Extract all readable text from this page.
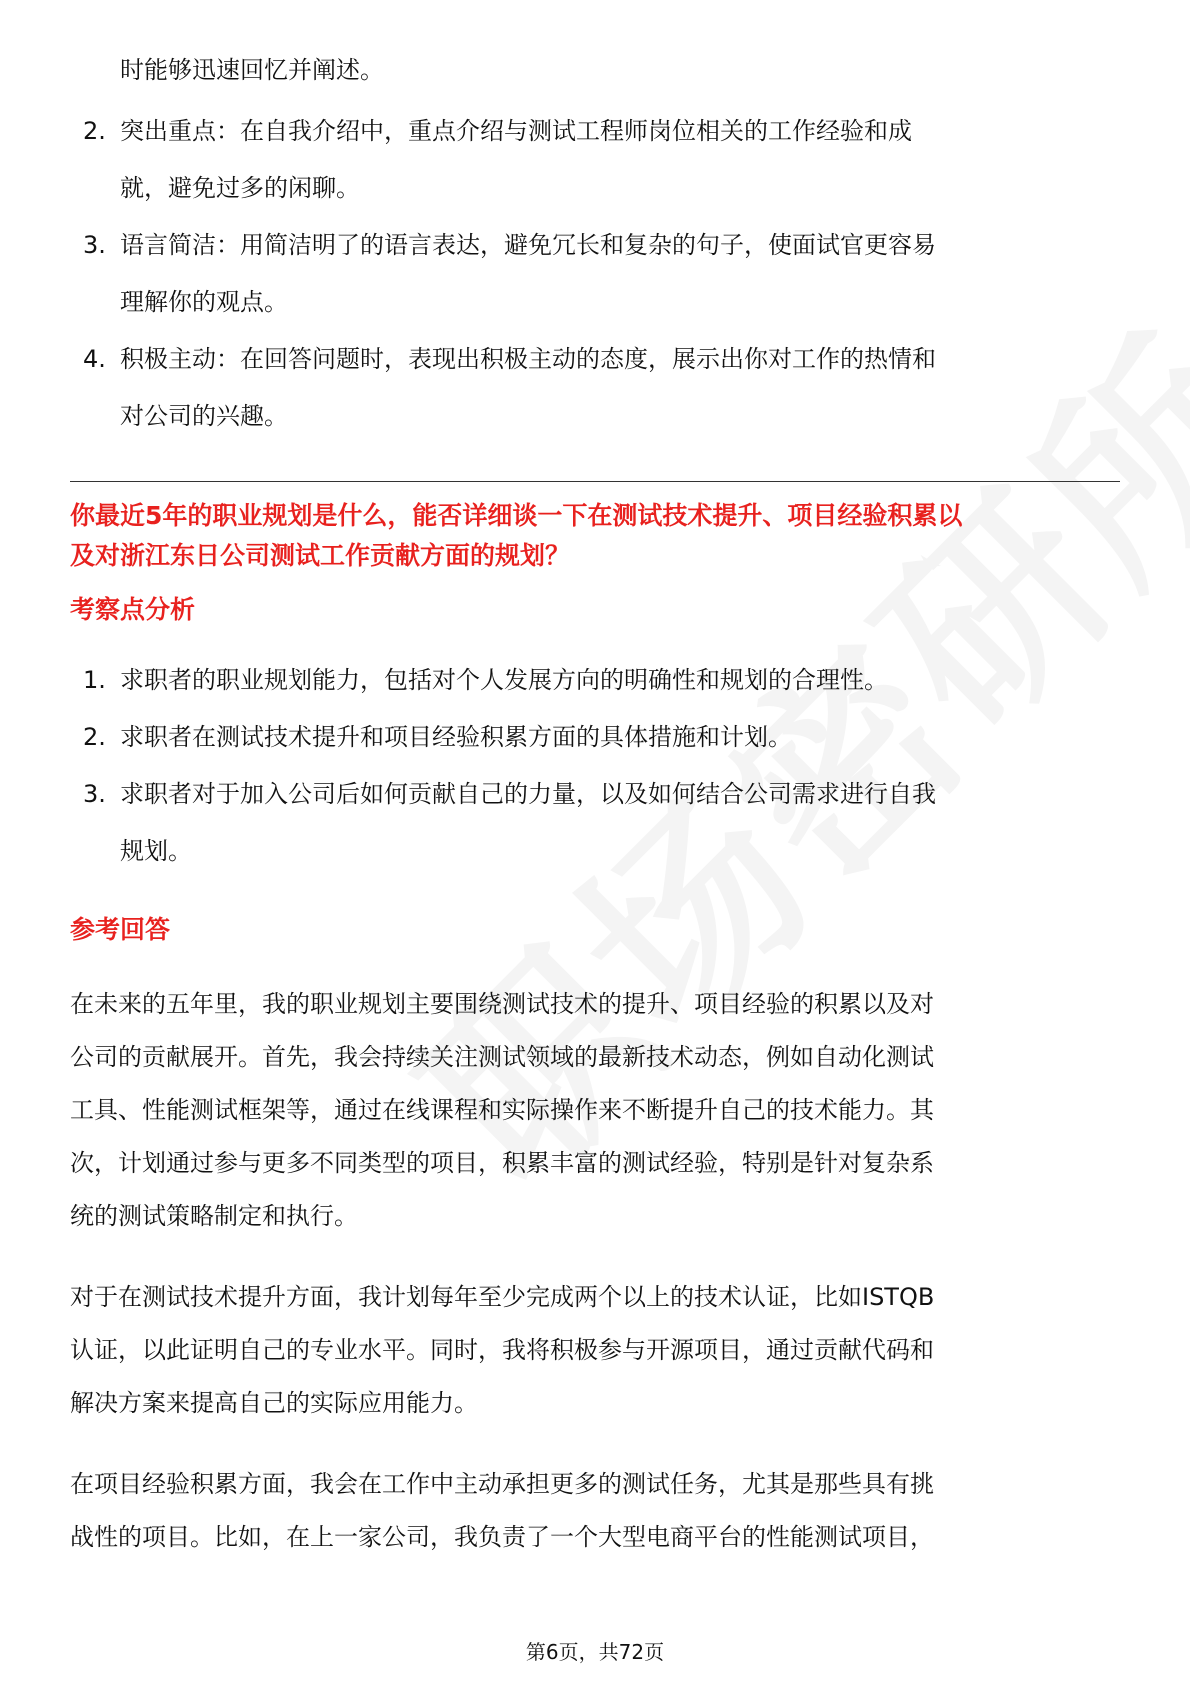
时能够迅速回忆并阐述。
2. 突出重点：在自我介绍中，重点介绍与测试工程师岗位相关的工作经验和成
就，避免过多的闲聊。
3. 语言简洁：用简洁明了的语言表达，避免冗长和复杂的句子，使面试官更容易
理解你的观点。
4. 积极主动：在回答问题时，表现出积极主动的态度，展示出你对工作的热情和
对公司的兴趣。
你最近5年的职业规划是什么，能否详细谈一下在测试技术提升、项目经验积累以
及对浙江东日公司测试工作贡献方面的规划？
考察点分析
1. 求职者的职业规划能力，包括对个人发展方向的明确性和规划的合理性。
2. 求职者在测试技术提升和项目经验积累方面的具体措施和计划。
3. 求职者对于加入公司后如何贡献自己的力量，以及如何结合公司需求进行自我
规划。
参考回答
在未来的五年里，我的职业规划主要围绕测试技术的提升、项目经验的积累以及对
公司的贡献展开。首先，我会持续关注测试领域的最新技术动态，例如自动化测试
工具、性能测试框架等，通过在线课程和实际操作来不断提升自己的技术能力。其
次，计划通过参与更多不同类型的项目，积累丰富的测试经验，特别是针对复杂系
统的测试策略制定和执行。
对于在测试技术提升方面，我计划每年至少完成两个以上的技术认证，比如ISTQB
认证，以此证明自己的专业水平。同时，我将积极参与开源项目，通过贡献代码和
解决方案来提高自己的实际应用能力。
在项目经验积累方面，我会在工作中主动承担更多的测试任务，尤其是那些具有挑
战性的项目。比如，在上一家公司，我负责了一个大型电商平台的性能测试项目，
第6页，共72页
